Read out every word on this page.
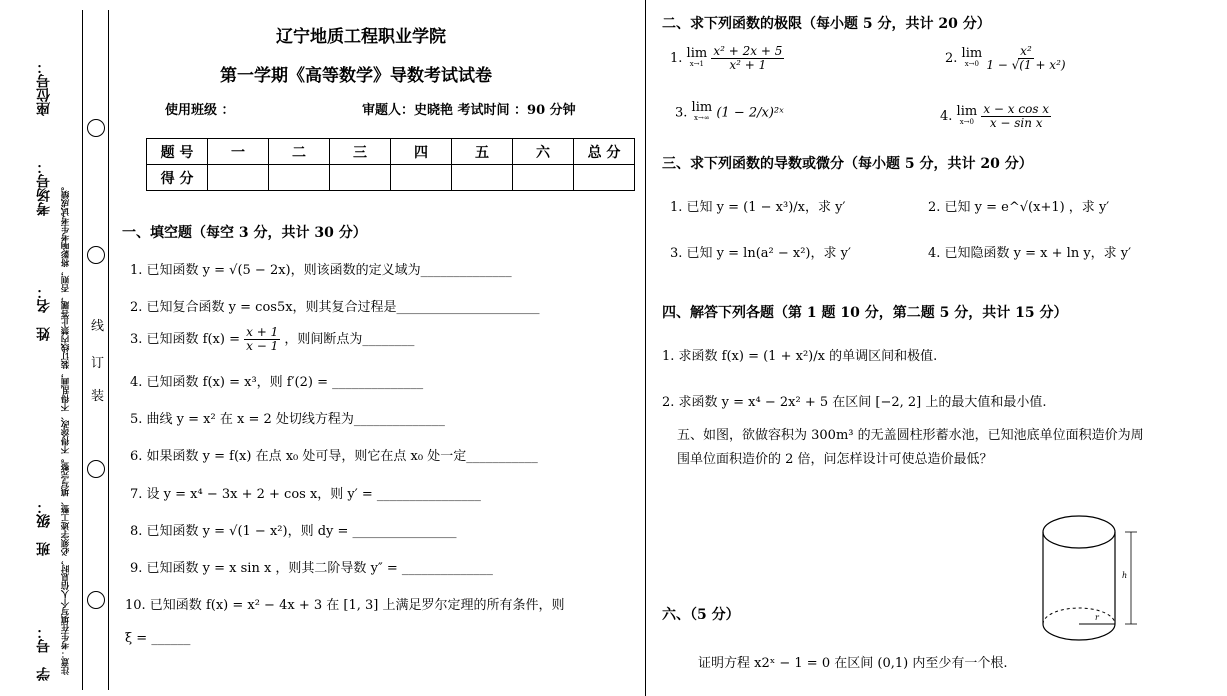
座位号：
考场号：
姓　名：
班　级：
学　号： 注意：考生在填写个人信息时，必须字迹工整、填写完整。不得涂改、不得乱画，装订线内禁止答题，否则，将影响考生考试成绩。 装
订
线
辽宁地质工程职业学院
第一学期《高等数学》导数考试试卷
使用班级 ：	审题人：史晓艳 考试时间 ：90 分钟
题 号	一	二	三	四	五	六	总 分
得 分							
一、填空题（每空 3 分，共计 30 分）
1. 已知函数 y = √(5 − 2x)，则该函数的定义域为______________
2. 已知复合函数 y = cos5x，则其复合过程是______________________
3. 已知函数 $f(x) = \frac{x + 1}{x - 1}$ ，则间断点为________
4. 已知函数 f(x) = x³，则 f′(2) = ______________
5. 曲线 y = x² 在 x = 2 处切线方程为______________
6. 如果函数 y = f(x) 在点 x₀ 处可导，则它在点 x₀ 处一定___________
7. 设 y = x⁴ − 3x + 2 + cos x，则 y′ = ________________
8. 已知函数 y = √(1 − x²)，则 dy = ________________
9. 已知函数 y = x sin x ，则其二阶导数 y″ = ______________
10. 已知函数 f(x) = x² − 4x + 3 在 [1, 3] 上满足罗尔定理的所有条件，则
ξ = ______
二、求下列函数的极限（每小题 5 分，共计 20 分）
1. lim
x→1
$\frac{\text{x² + 2x + 5}}{\text{x² + 1}}$	2. lim
x→0
$\frac{\text{x²}}{\text{1 − √(1 + x²)}}$
3. lim
x→∞ (1 − 2/x)²ˣ	4. lim
x→0
$\frac{\text{x − x cos x}}{\text{x − sin x}}$
三、求下列函数的导数或微分（每小题 5 分，共计 20 分）
1. 已知 y = (1 − x³)/x，求 y′	2. 已知 y = e^√(x+1) ，求 y′
3. 已知 y = ln(a² − x²)，求 y′	4. 已知隐函数 y = x + ln y，求 y′
四、解答下列各题（第 1 题 10 分，第二题 5 分，共计 15 分）
1. 求函数 f(x) = (1 + x²)/x 的单调区间和极值.
2. 求函数 y = x⁴ − 2x² + 5 在区间 [−2, 2] 上的最大值和最小值.
五、如图，欲做容积为 300m³ 的无盖圆柱形蓄水池，已知池底单位面积造价为周
围单位面积造价的 2 倍，问怎样设计可使总造价最低？
h
r
六、（5 分）
证明方程 x2ˣ − 1 = 0 在区间 (0,1) 内至少有一个根.
